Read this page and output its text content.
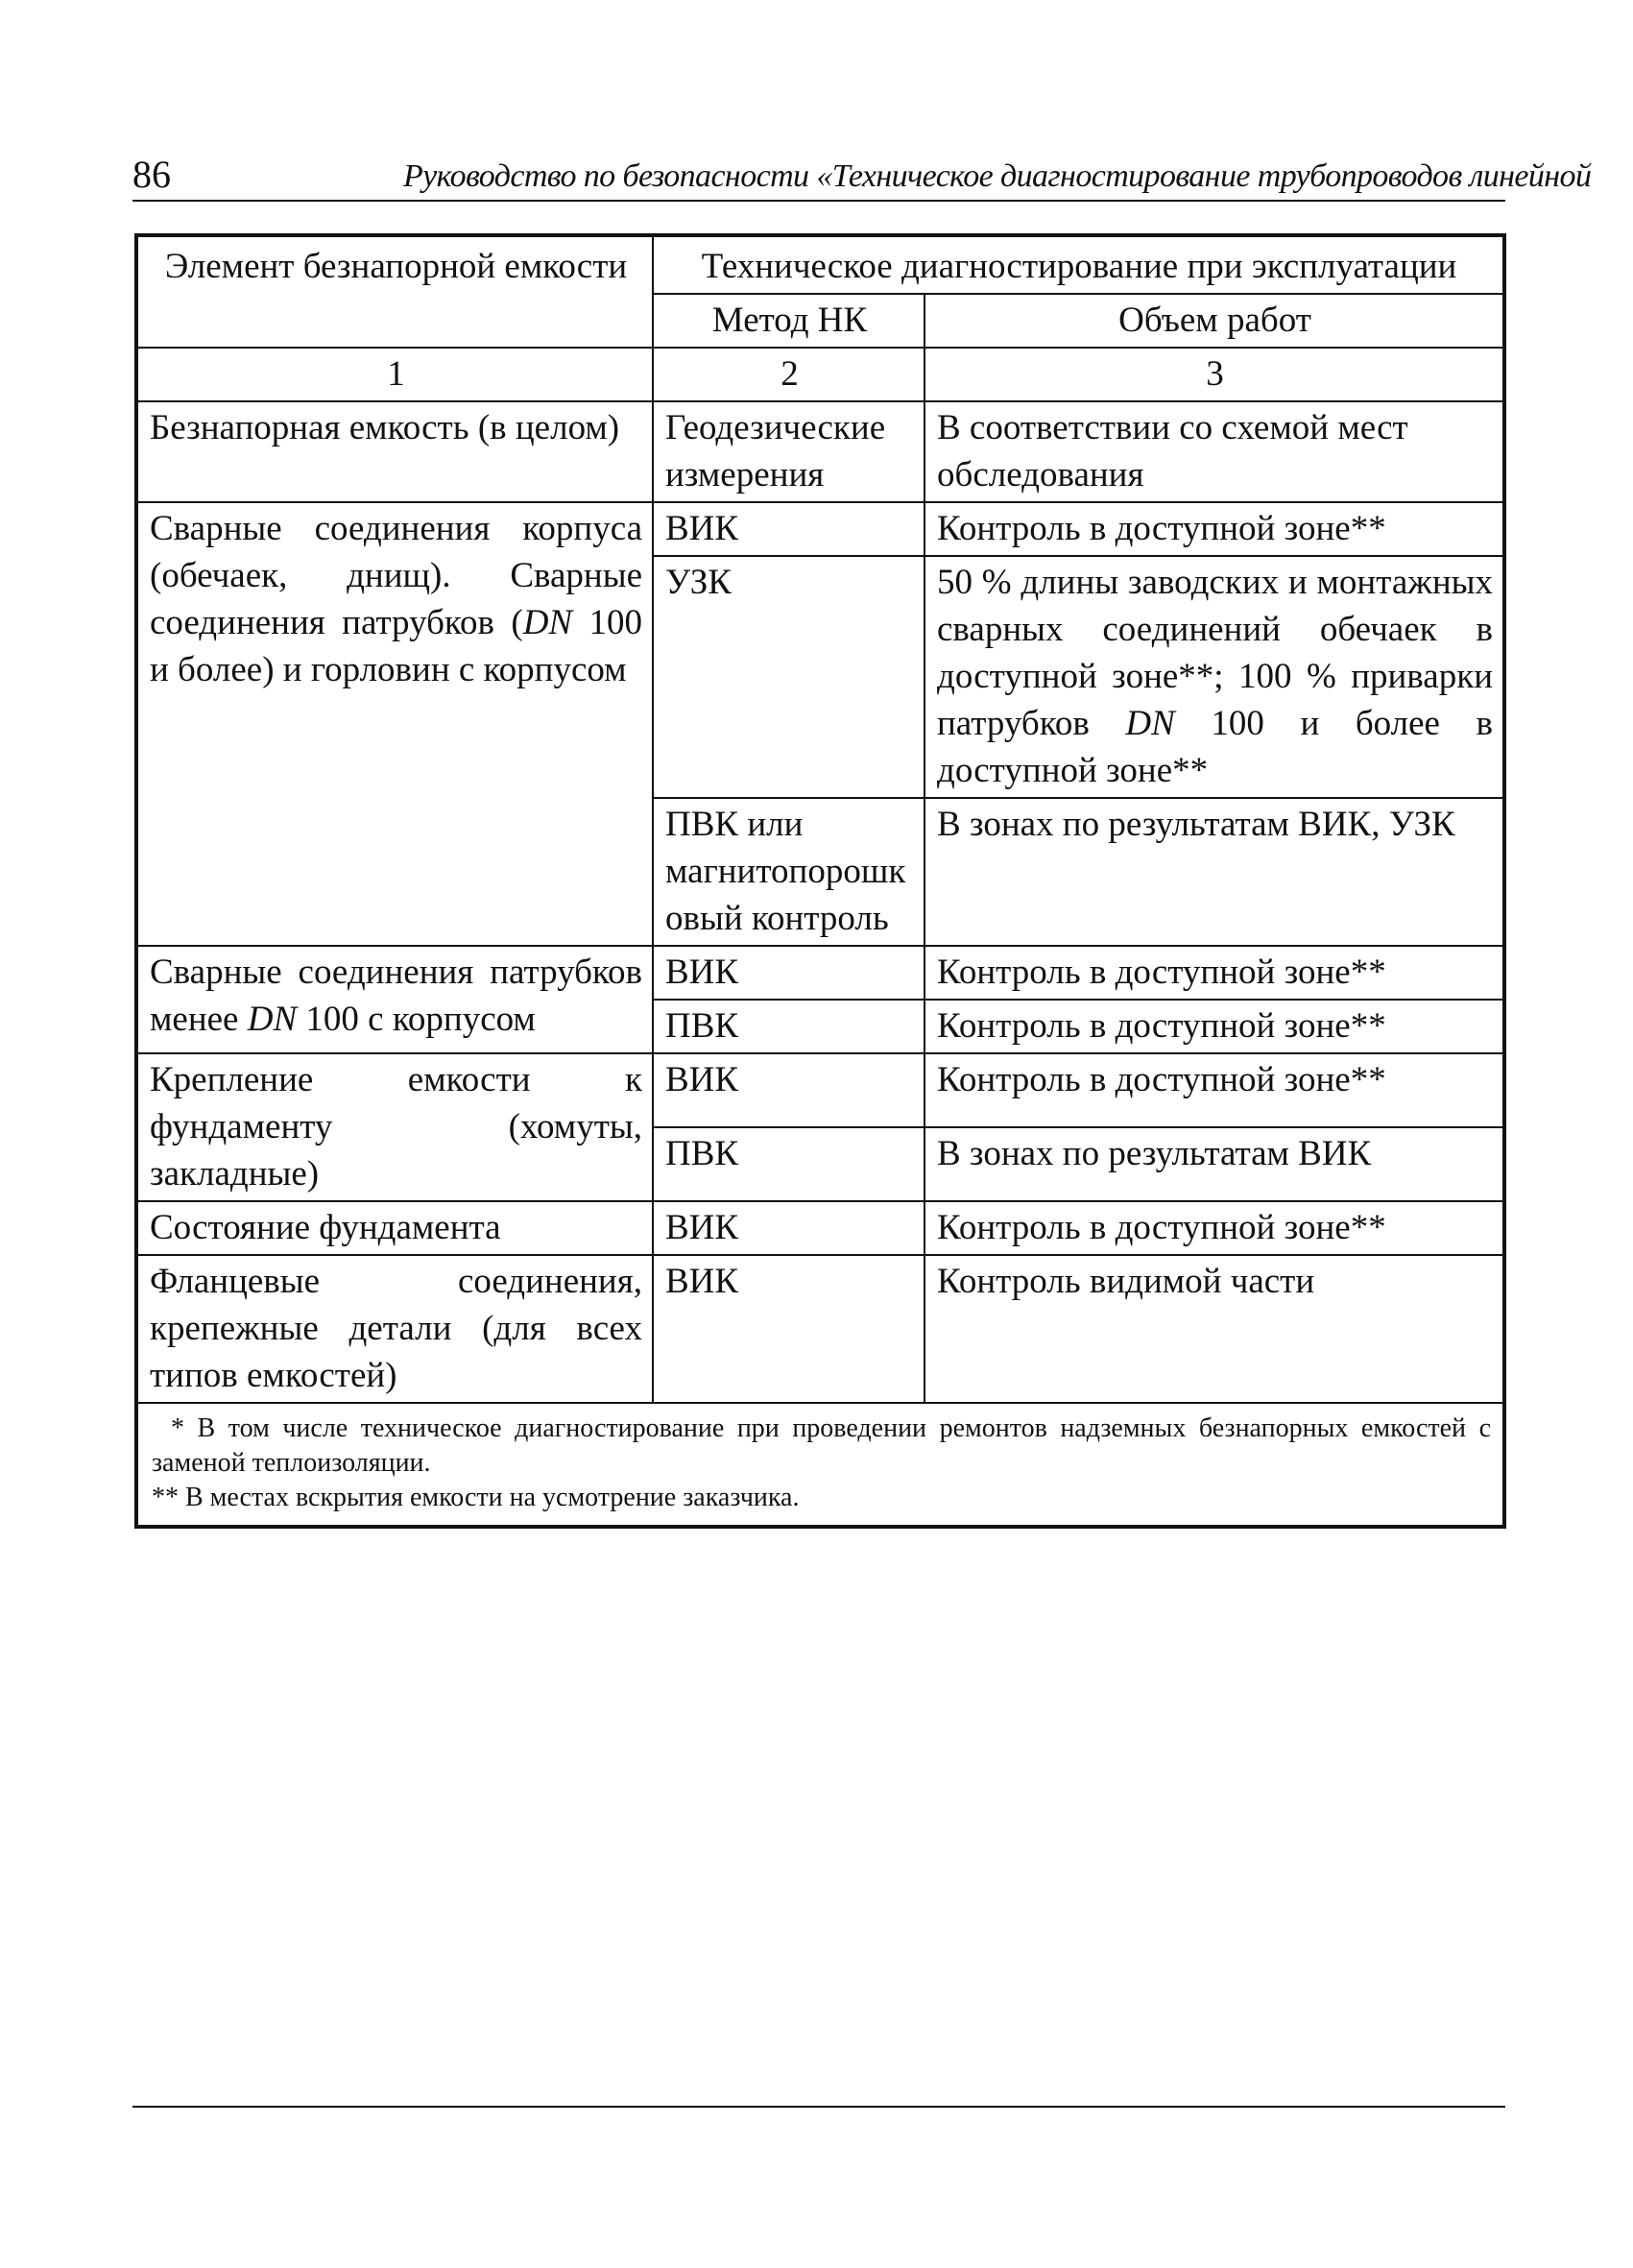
86	Руководство по безопасности «Техническое диагностирование трубопроводов линейной
Элемент безнапорной емкости	Техническое диагностирование при эксплуатации	
	Метод НК	Объем работ
1	2	3
Безнапорная емкость (в целом)	Геодезические измерения	В соответствии со схемой мест обследования
Сварные соединения корпуса (обечаек, днищ). Сварные соединения патрубков (DN 100 и более) и горловин с корпусом	ВИК	Контроль в доступной зоне**
	УЗК	50 % длины заводских и монтажных сварных соединений обечаек в доступной зоне**; 100 % приварки патрубков DN 100 и более в доступной зоне**
	ПВК или магнитопорошковый контроль	В зонах по результатам ВИК, УЗК
Сварные соединения патрубков менее DN 100 с корпусом	ВИК	Контроль в доступной зоне**
	ПВК	Контроль в доступной зоне**
Крепление емкости к фундаменту (хомуты, закладные)	ВИК	Контроль в доступной зоне**
	ПВК	В зонах по результатам ВИК
Состояние фундамента	ВИК	Контроль в доступной зоне**
Фланцевые соединения, крепежные детали (для всех типов емкостей)	ВИК	Контроль видимой части

* В том числе техническое диагностирование при проведении ремонтов надземных безнапорных емкостей с заменой теплоизоляции.
** В местах вскрытия емкости на усмотрение заказчика.		
